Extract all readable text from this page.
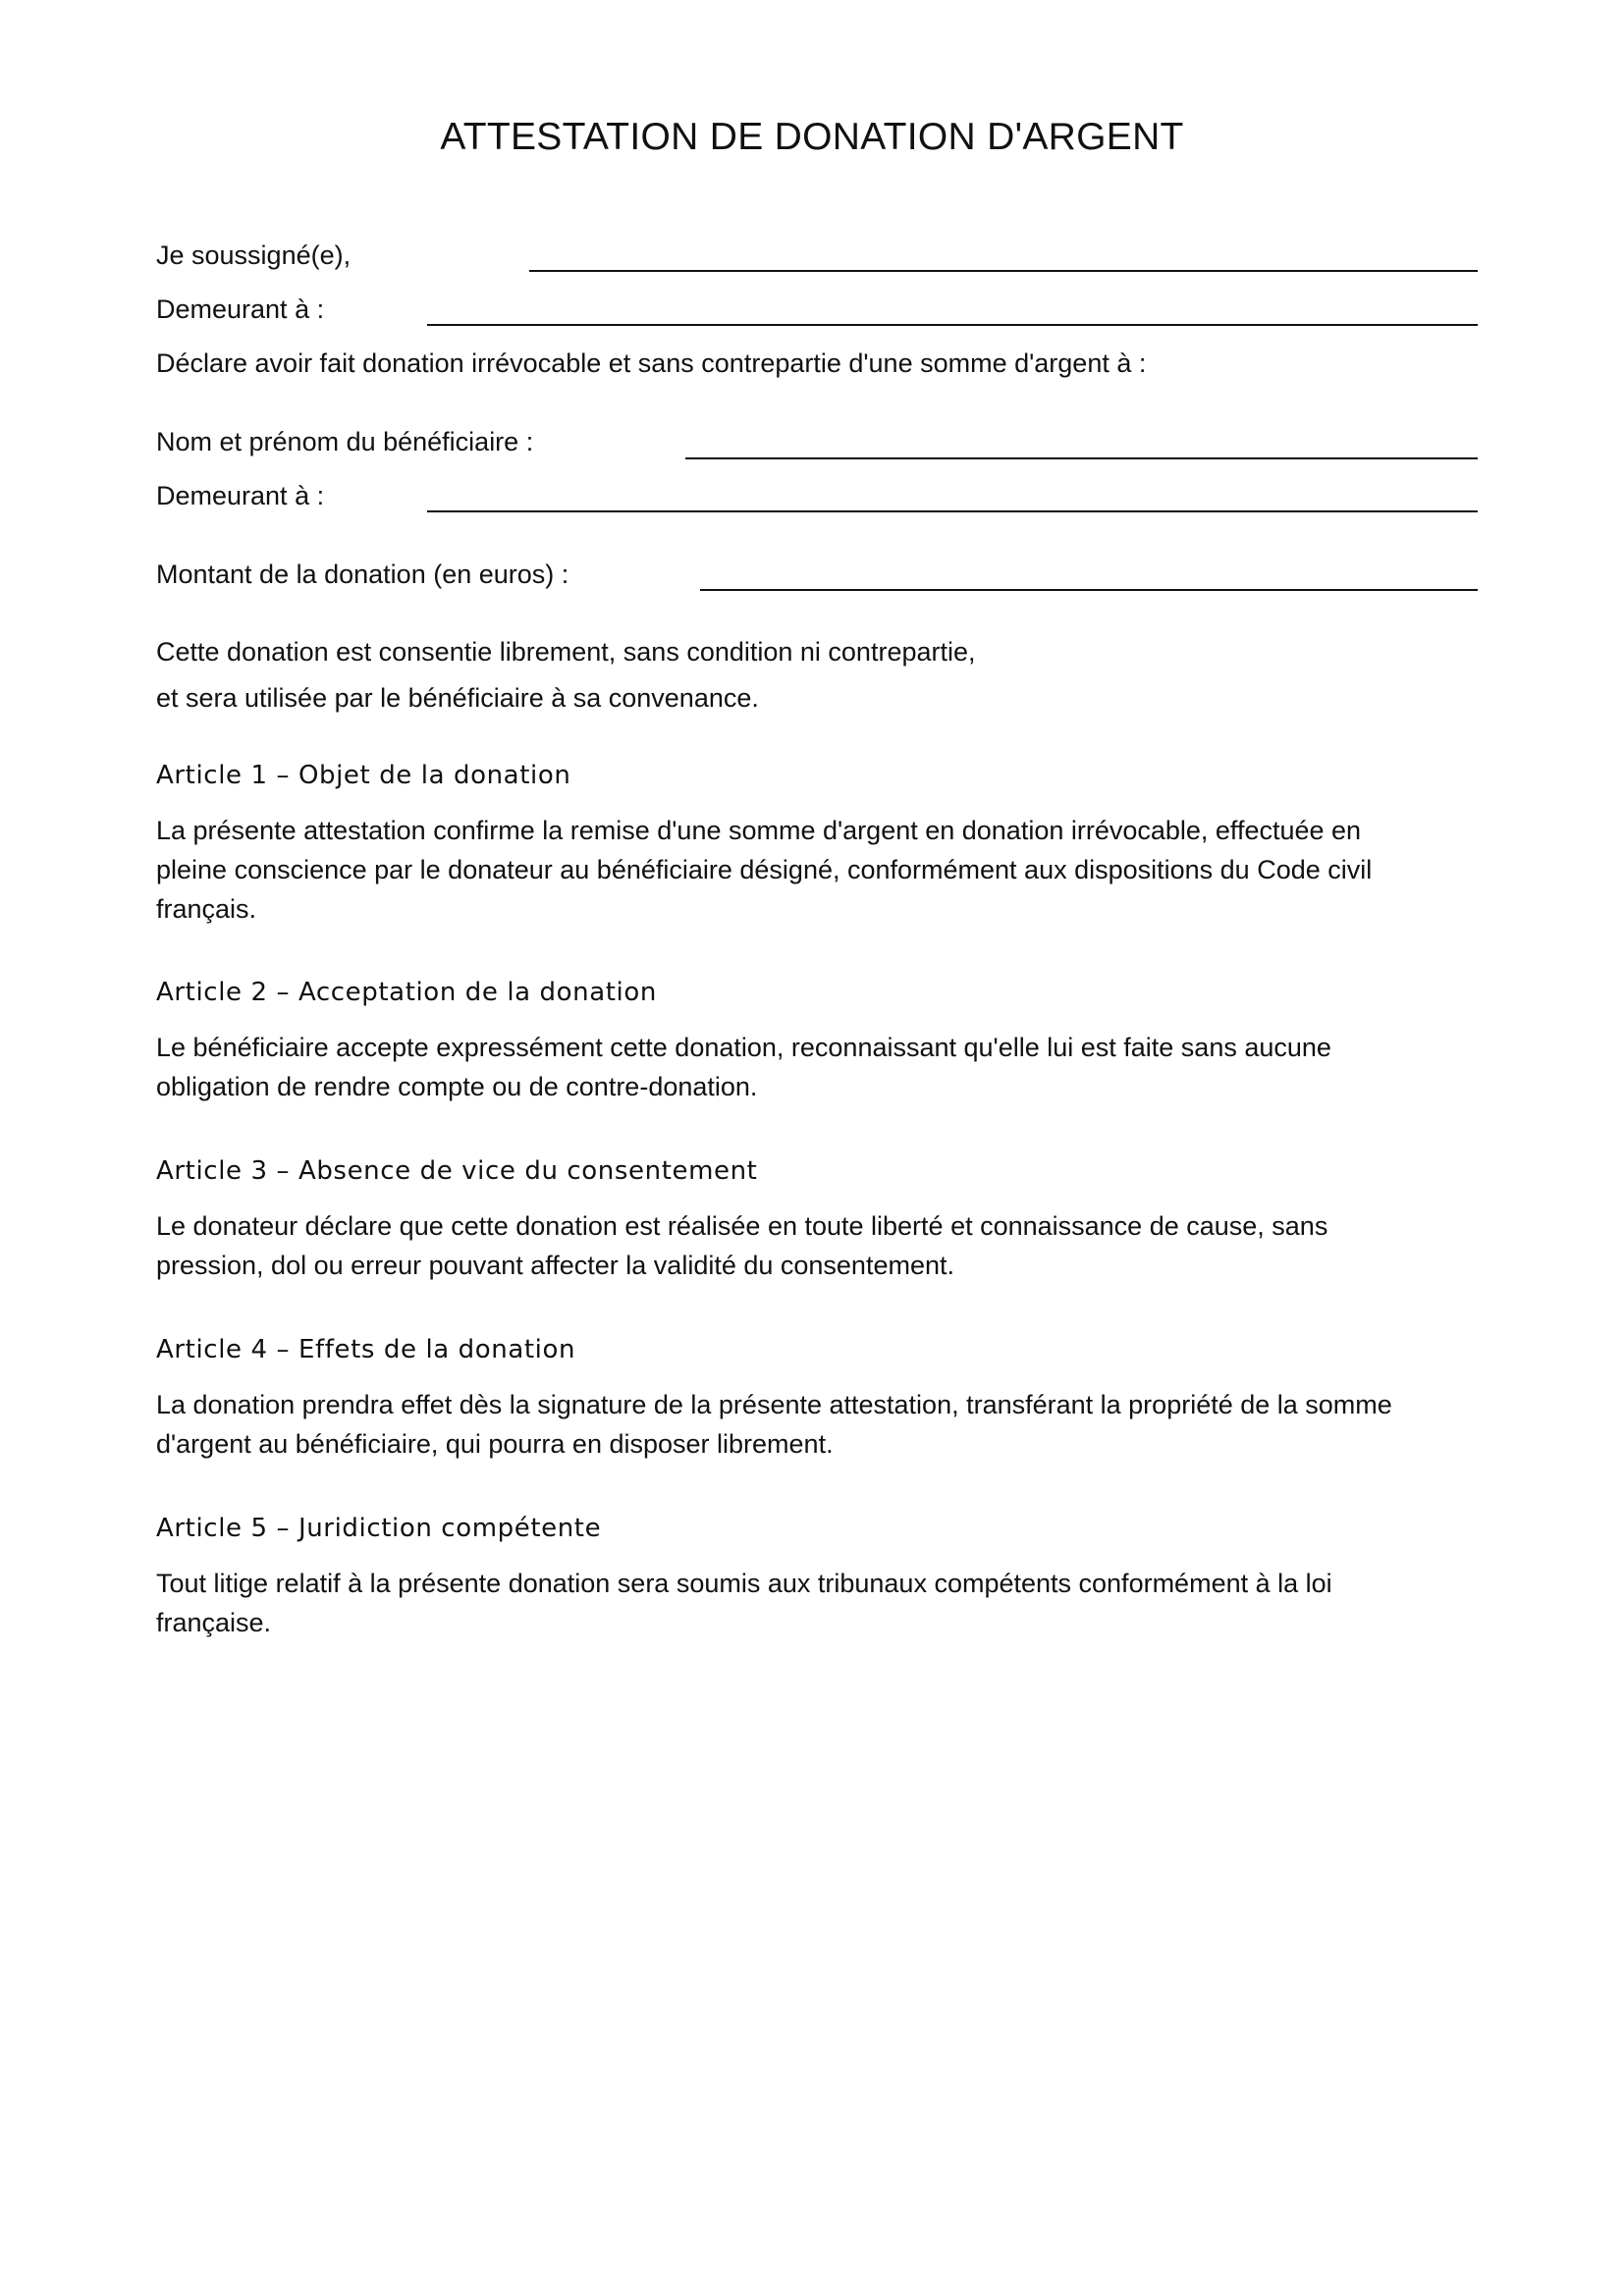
ATTESTATION DE DONATION D'ARGENT
Je soussigné(e),
Demeurant à :
Déclare avoir fait donation irrévocable et sans contrepartie d'une somme d'argent à :
Nom et prénom du bénéficiaire :
Demeurant à :
Montant de la donation (en euros) :
Cette donation est consentie librement, sans condition ni contrepartie,
et sera utilisée par le bénéficiaire à sa convenance.
Article 1 – Objet de la donation
La présente attestation confirme la remise d'une somme d'argent en donation irrévocable, effectuée en
pleine conscience par le donateur au bénéficiaire désigné, conformément aux dispositions du Code civil
français.
Article 2 – Acceptation de la donation
Le bénéficiaire accepte expressément cette donation, reconnaissant qu'elle lui est faite sans aucune
obligation de rendre compte ou de contre-donation.
Article 3 – Absence de vice du consentement
Le donateur déclare que cette donation est réalisée en toute liberté et connaissance de cause, sans
pression, dol ou erreur pouvant affecter la validité du consentement.
Article 4 – Effets de la donation
La donation prendra effet dès la signature de la présente attestation, transférant la propriété de la somme
d'argent au bénéficiaire, qui pourra en disposer librement.
Article 5 – Juridiction compétente
Tout litige relatif à la présente donation sera soumis aux tribunaux compétents conformément à la loi
française.
